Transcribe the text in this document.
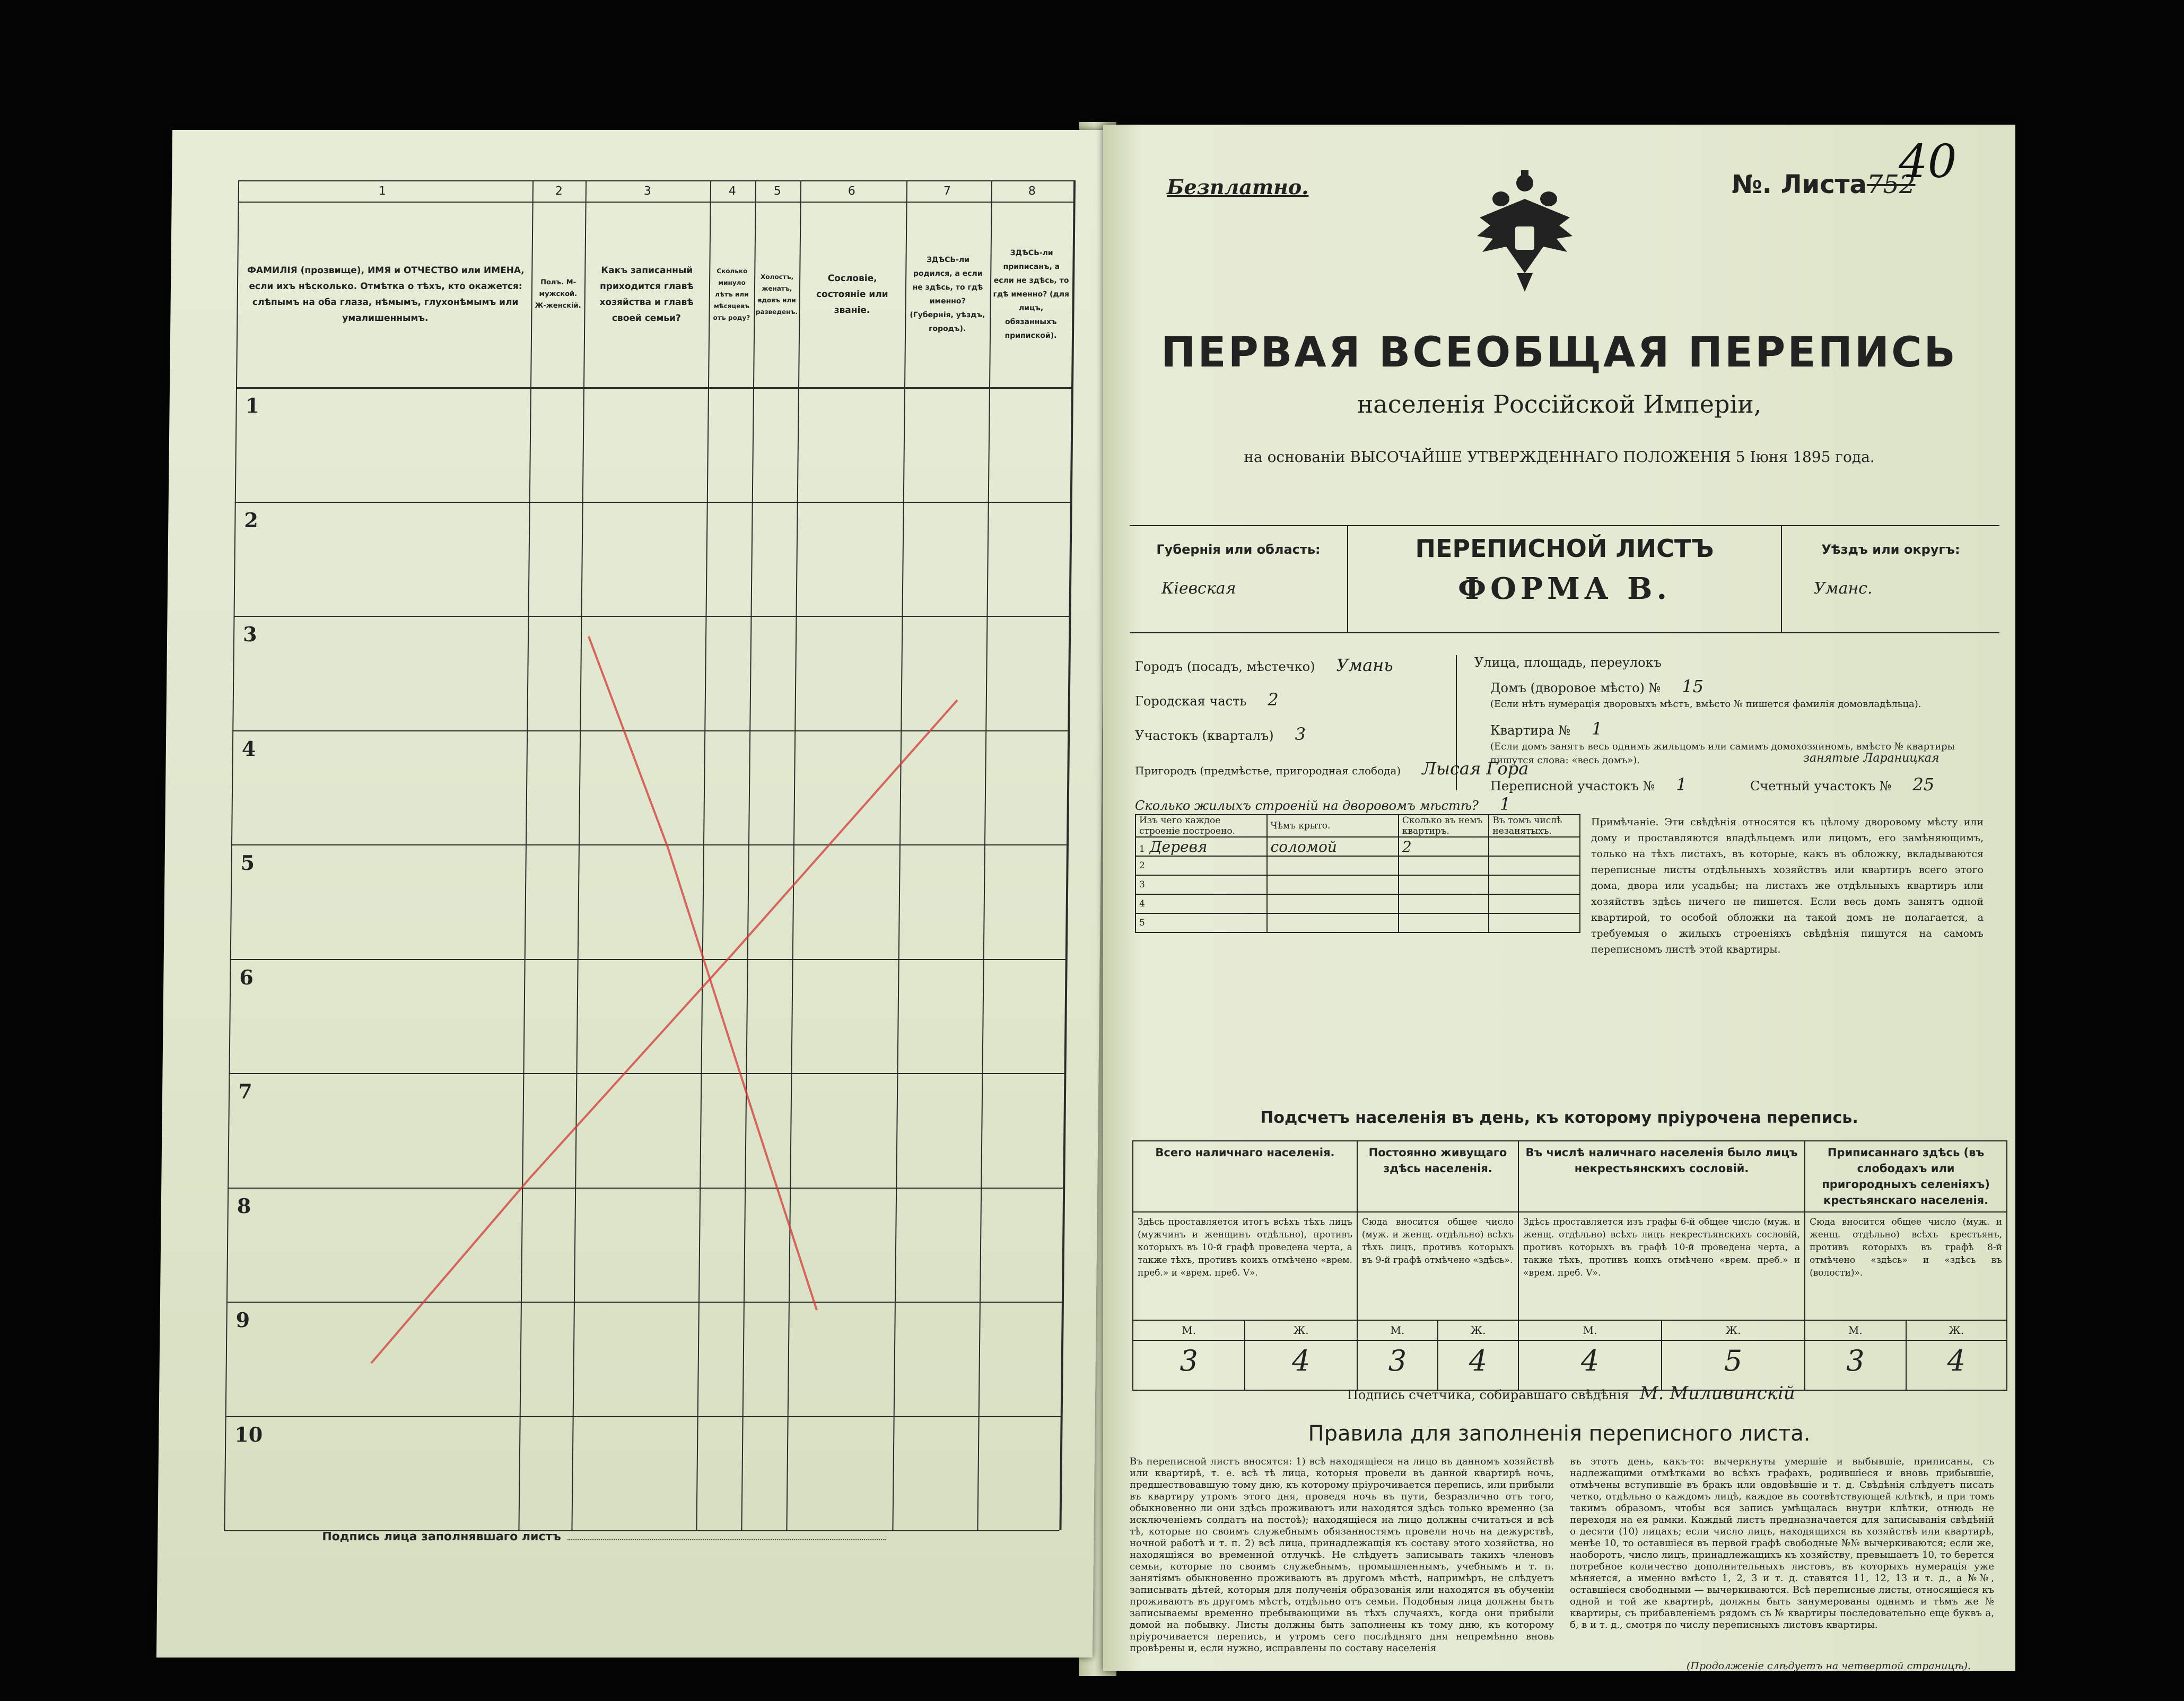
1	2	3	4	5	6	7	8
ФАМИЛІЯ (прозвище), ИМЯ и ОТЧЕСТВО или ИМЕНА, если ихъ нѣсколько. Отмѣтка о тѣхъ, кто окажется: слѣпымъ на оба глаза, нѣмымъ, глухонѣмымъ или умалишеннымъ.
Полъ. М-мужской. Ж-женскій.
Какъ записанный приходится главѣ хозяйства и главѣ своей семьи?
Сколько минуло лѣтъ или мѣсяцевъ отъ роду?
Холостъ, женатъ, вдовъ или разведенъ.
Сословіе, состояніе или званіе.
ЗДѢСЬ-ли родился, а если не здѣсь, то гдѣ именно? (Губернія, уѣздъ, городъ).
ЗДѢСЬ-ли приписанъ, а если не здѣсь, то гдѣ именно? (для лицъ, обязанныхъ припиской).
1
2
3
4
5
6
7
8
9
10
Подпись лица заполнявшаго листъ
Безплатно.	№. Листа752
40
ПЕРВАЯ ВСЕОБЩАЯ ПЕРЕПИСЬ
населенія Россійской Имперіи,
на основаніи ВЫСОЧАЙШЕ УТВЕРЖДЕННАГО ПОЛОЖЕНІЯ 5 Іюня 1895 года.
Губернія или область:
Кіевская
ПЕРЕПИСНОЙ ЛИСТЪ
ФОРМА В.
Уѣздъ или округъ:
Уманс.
Городъ (посадъ, мѣстечко) Умань
Городская часть 2
Участокъ (кварталъ) 3
Пригородъ (предмѣстье, пригородная слобода) Лысая Гора
Улица, площадь, переулокъ
Домъ (дворовое мѣсто) № 15
(Если нѣтъ нумерація дворовыхъ мѣстъ, вмѣсто № пишется фамилія домовладѣльца).
Квартира № 1
(Если домъ занятъ весь однимъ жильцомъ или самимъ домохозяиномъ, вмѣсто № квартиры пишутся слова: «весь домъ»).	занятые Лараницкая
Переписной участокъ № 1	Счетный участокъ № 25
Сколько жилыхъ строеній на дворовомъ мѣстѣ? 1
Изъ чего каждое строеніе построено.	Чѣмъ крыто.	Сколько въ немъ квартиръ.	Въ томъ числѣ незанятыхъ.
1 Деревя	соломой	2	
2			
3			
4			
5			
Примѣчаніе. Эти свѣдѣнія относятся къ цѣлому дворовому мѣсту или дому и проставляются владѣльцемъ или лицомъ, его замѣняющимъ, только на тѣхъ листахъ, въ которые, какъ въ обложку, вкладываются переписные листы отдѣльныхъ хозяйствъ или квартиръ всего этого дома, двора или усадьбы; на листахъ же отдѣльныхъ квартиръ или хозяйствъ здѣсь ничего не пишется. Если весь домъ занятъ одной квартирой, то особой обложки на такой домъ не полагается, а требуемыя о жилыхъ строеніяхъ свѣдѣнія пишутся на самомъ переписномъ листѣ этой квартиры.
Подсчетъ населенія въ день, къ которому пріурочена перепись.
Всего наличнаго населенія.		Постоянно живущаго здѣсь населенія.		Въ числѣ наличнаго населенія было лицъ некрестьянскихъ сословій.		Приписаннаго здѣсь (въ слободахъ или пригородныхъ селеніяхъ) крестьянскаго населенія.	
Здѣсь проставляется итогъ всѣхъ тѣхъ лицъ (мужчинъ и женщинъ отдѣльно), противъ которыхъ въ 10-й графѣ проведена черта, а также тѣхъ, противъ коихъ отмѣчено «врем. преб.» и «врем. преб. V».		Сюда вносится общее число (муж. и женщ. отдѣльно) всѣхъ тѣхъ лицъ, противъ которыхъ въ 9-й графѣ отмѣчено «здѣсь».		Здѣсь проставляется изъ графы 6-й общее число (муж. и женщ. отдѣльно) всѣхъ лицъ некрестьянскихъ сословій, противъ которыхъ въ графѣ 10-й проведена черта, а также тѣхъ, противъ коихъ отмѣчено «врем. преб.» и «врем. преб. V».		Сюда вносится общее число (муж. и женщ. отдѣльно) всѣхъ крестьянъ, противъ которыхъ въ графѣ 8-й отмѣчено «здѣсь» и «здѣсь въ (волости)».	
М.	Ж.	М.	Ж.	М.	Ж.	М.	Ж.
3	4	3	4	4	5	3	4
Подпись счетчика, собиравшаго свѣдѣнія М. Миливинскій
Правила для заполненія переписного листа.

Въ переписной листъ вносятся: 1) всѣ находящіеся на лицо въ данномъ хозяйствѣ или квартирѣ, т. е. всѣ тѣ лица, которыя провели въ данной квартирѣ ночь, предшествовавшую тому дню, къ которому пріурочивается перепись, или прибыли въ квартиру утромъ этого дня, проведя ночь въ пути, безразлично отъ того, обыкновенно ли они здѣсь проживаютъ или находятся здѣсь только временно (за исключеніемъ солдатъ на постоѣ); находящіеся на лицо должны считаться и всѣ тѣ, которые по своимъ служебнымъ обязанностямъ провели ночь на дежурствѣ, ночной работѣ и т. п. 2) всѣ лица, принадлежащія къ составу этого хозяйства, но находящіяся во временной отлучкѣ. Не слѣдуетъ записывать такихъ членовъ семьи, которые по своимъ служебнымъ, промышленнымъ, учебнымъ и т. п. занятіямъ обыкновенно проживаютъ въ другомъ мѣстѣ, напримѣръ, не слѣдуетъ записывать дѣтей, которыя для полученія образованія или находятся въ обученіи проживаютъ въ другомъ мѣстѣ, отдѣльно отъ семьи. Подобныя лица должны быть записываемы временно пребывающими въ тѣхъ случаяхъ, когда они прибыли домой на побывку. Листы должны быть заполнены къ тому дню, къ которому пріурочивается перепись, и утромъ сего послѣдняго дня непремѣнно вновь провѣрены и, если нужно, исправлены по составу населенія

въ этотъ день, какъ-то: вычеркнуты умершіе и выбывшіе, приписаны, съ надлежащими отмѣтками во всѣхъ графахъ, родившіеся и вновь прибывшіе, отмѣчены вступившіе въ бракъ или овдовѣвшіе и т. д. Свѣдѣнія слѣдуетъ писать четко, отдѣльно о каждомъ лицѣ, каждое въ соотвѣтствующей клѣткѣ, и при томъ такимъ образомъ, чтобы вся запись умѣщалась внутри клѣтки, отнюдь не переходя на ея рамки. Каждый листъ предназначается для записыванія свѣдѣній о десяти (10) лицахъ; если число лицъ, находящихся въ хозяйствѣ или квартирѣ, менѣе 10, то оставшіеся въ первой графѣ свободные №№ вычеркиваются; если же, наоборотъ, число лицъ, принадлежащихъ къ хозяйству, превышаетъ 10, то берется потребное количество дополнительныхъ листовъ, въ которыхъ нумерація уже мѣняется, а именно вмѣсто 1, 2, 3 и т. д. ставятся 11, 12, 13 и т. д., а №№, оставшіеся свободными — вычеркиваются. Всѣ переписные листы, относящіеся къ одной и той же квартирѣ, должны быть занумерованы однимъ и тѣмъ же № квартиры, съ прибавленіемъ рядомъ съ № квартиры последовательно еще буквъ а, б, в и т. д., смотря по числу переписныхъ листовъ квартиры.

(Продолженіе слѣдуетъ на четвертой страницѣ).
